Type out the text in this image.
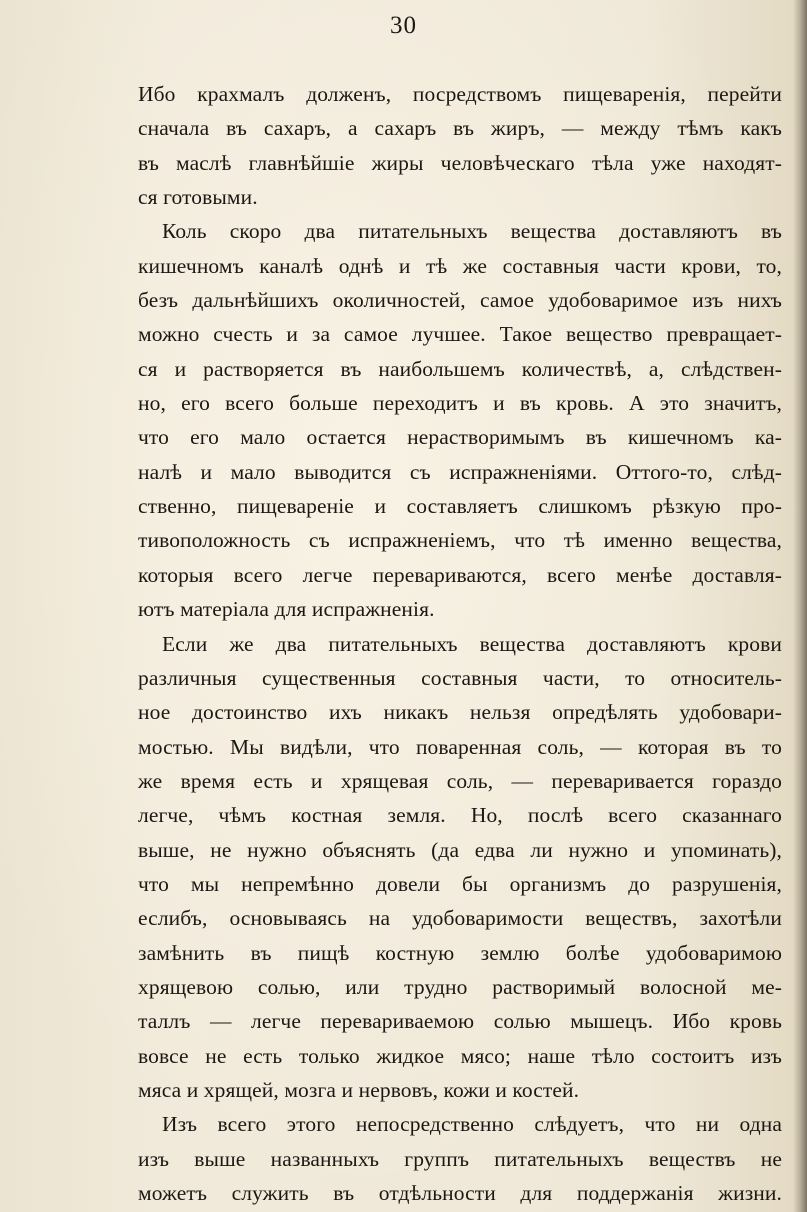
30
Ибо крахмалъ долженъ, посредствомъ пищеваренія, перейти
сначала въ сахаръ, а сахаръ въ жиръ, — между тѣмъ какъ
въ маслѣ главнѣйшіе жиры человѣческаго тѣла уже находят-
ся готовыми.
Коль скоро два питательныхъ вещества доставляютъ въ
кишечномъ каналѣ однѣ и тѣ же составныя части крови, то,
безъ дальнѣйшихъ околичностей, самое удобоваримое изъ нихъ
можно счесть и за самое лучшее. Такое вещество превращает-
ся и растворяется въ наибольшемъ количествѣ, а, слѣдствен-
но, его всего больше переходитъ и въ кровь. А это значитъ,
что его мало остается нерастворимымъ въ кишечномъ ка-
налѣ и мало выводится съ испражненіями. Оттого-то, слѣд-
ственно, пищевареніе и составляетъ слишкомъ рѣзкую про-
тивоположность съ испражненіемъ, что тѣ именно вещества,
которыя всего легче перевариваются, всего менѣе доставля-
ютъ матеріала для испражненія.
Если же два питательныхъ вещества доставляютъ крови
различныя существенныя составныя части, то относитель-
ное достоинство ихъ никакъ нельзя опредѣлять удобовари-
мостью. Мы видѣли, что поваренная соль, — которая въ то
же время есть и хрящевая соль, — переваривается гораздо
легче, чѣмъ костная земля. Но, послѣ всего сказаннаго
выше, не нужно объяснять (да едва ли нужно и упоминать),
что мы непремѣнно довели бы организмъ до разрушенія,
еслибъ, основываясь на удобоваримости веществъ, захотѣли
замѣнить въ пищѣ костную землю болѣе удобоваримою
хрящевою солью, или трудно растворимый волосной ме-
таллъ — легче перевариваемою солью мышецъ. Ибо кровь
вовсе не есть только жидкое мясо; наше тѣло состоитъ изъ
мяса и хрящей, мозга и нервовъ, кожи и костей.
Изъ всего этого непосредственно слѣдуетъ, что ни одна
изъ выше названныхъ группъ питательныхъ веществъ не
можетъ служить въ отдѣльности для поддержанія жизни.
